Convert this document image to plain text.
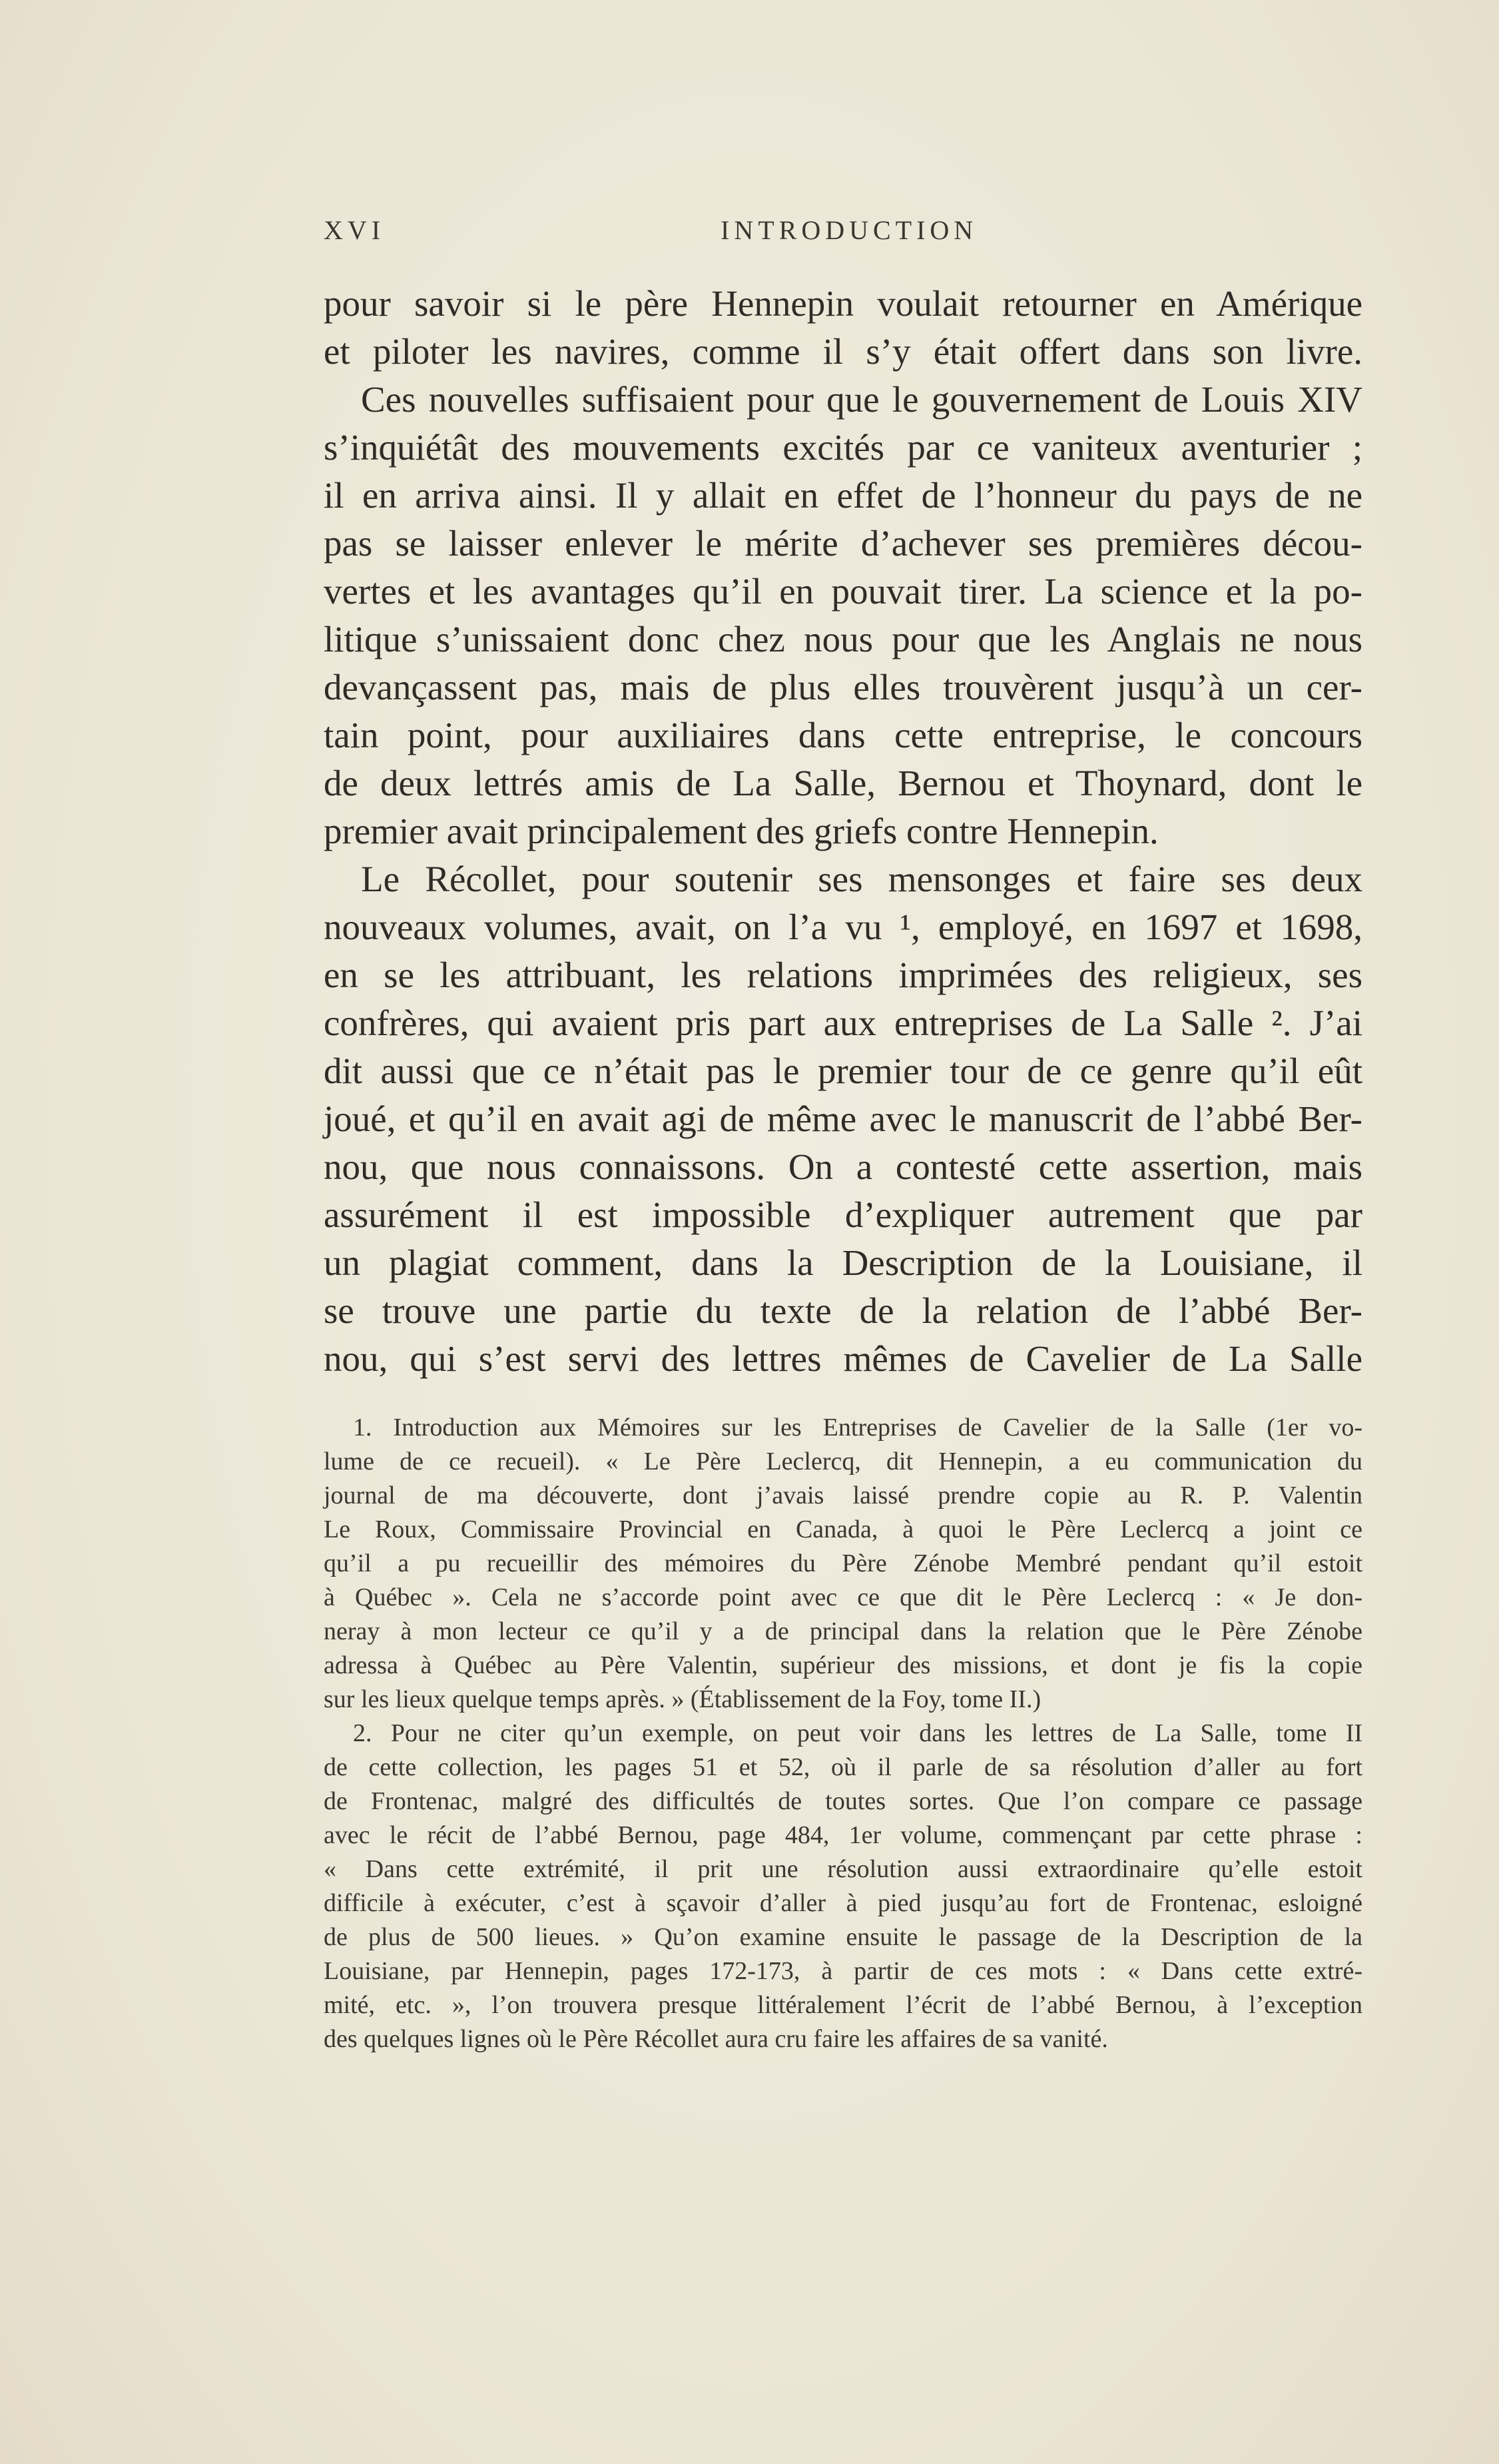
XVI	INTRODUCTION
pour savoir si le père Hennepin voulait retourner en Amérique
et piloter les navires, comme il s’y était offert dans son livre.
Ces nouvelles suffisaient pour que le gouvernement de Louis XIV
s’inquiétât des mouvements excités par ce vaniteux aventurier ;
il en arriva ainsi. Il y allait en effet de l’honneur du pays de ne
pas se laisser enlever le mérite d’achever ses premières décou-
vertes et les avantages qu’il en pouvait tirer. La science et la po-
litique s’unissaient donc chez nous pour que les Anglais ne nous
devançassent pas, mais de plus elles trouvèrent jusqu’à un cer-
tain point, pour auxiliaires dans cette entreprise, le concours
de deux lettrés amis de La Salle, Bernou et Thoynard, dont le
premier avait principalement des griefs contre Hennepin.
Le Récollet, pour soutenir ses mensonges et faire ses deux
nouveaux volumes, avait, on l’a vu ¹, employé, en 1697 et 1698,
en se les attribuant, les relations imprimées des religieux, ses
confrères, qui avaient pris part aux entreprises de La Salle ². J’ai
dit aussi que ce n’était pas le premier tour de ce genre qu’il eût
joué, et qu’il en avait agi de même avec le manuscrit de l’abbé Ber-
nou, que nous connaissons. On a contesté cette assertion, mais
assurément il est impossible d’expliquer autrement que par
un plagiat comment, dans la Description de la Louisiane, il
se trouve une partie du texte de la relation de l’abbé Ber-
nou, qui s’est servi des lettres mêmes de Cavelier de La Salle
1. Introduction aux Mémoires sur les Entreprises de Cavelier de la Salle (1er vo-
lume de ce recueil). « Le Père Leclercq, dit Hennepin, a eu communication du
journal de ma découverte, dont j’avais laissé prendre copie au R. P. Valentin
Le Roux, Commissaire Provincial en Canada, à quoi le Père Leclercq a joint ce
qu’il a pu recueillir des mémoires du Père Zénobe Membré pendant qu’il estoit
à Québec ». Cela ne s’accorde point avec ce que dit le Père Leclercq : « Je don-
neray à mon lecteur ce qu’il y a de principal dans la relation que le Père Zénobe
adressa à Québec au Père Valentin, supérieur des missions, et dont je fis la copie
sur les lieux quelque temps après. » (Établissement de la Foy, tome II.)
2. Pour ne citer qu’un exemple, on peut voir dans les lettres de La Salle, tome II
de cette collection, les pages 51 et 52, où il parle de sa résolution d’aller au fort
de Frontenac, malgré des difficultés de toutes sortes. Que l’on compare ce passage
avec le récit de l’abbé Bernou, page 484, 1er volume, commençant par cette phrase :
« Dans cette extrémité, il prit une résolution aussi extraordinaire qu’elle estoit
difficile à exécuter, c’est à sçavoir d’aller à pied jusqu’au fort de Frontenac, esloigné
de plus de 500 lieues. » Qu’on examine ensuite le passage de la Description de la
Louisiane, par Hennepin, pages 172-173, à partir de ces mots : « Dans cette extré-
mité, etc. », l’on trouvera presque littéralement l’écrit de l’abbé Bernou, à l’exception
des quelques lignes où le Père Récollet aura cru faire les affaires de sa vanité.
